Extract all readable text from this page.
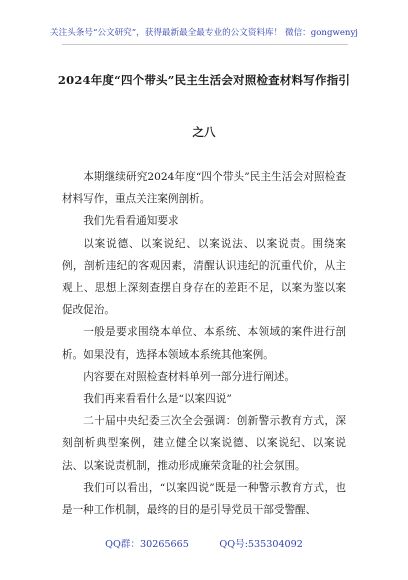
关注头条号“公文研究”，获得最新最全最专业的公文资料库！ 微信：gongwenyj
2024年度“四个带头”民主生活会对照检查材料写作指引
之八

本期继续研究2024年度“四个带头”民主生活会对照检查材料写作，重点关注案例剖析。

我们先看看通知要求

以案说德、以案说纪、以案说法、以案说责。围绕案例，剖析违纪的客观因素，清醒认识违纪的沉重代价，从主观上、思想上深刻查摆自身存在的差距不足，以案为鉴以案促改促治。

一般是要求围绕本单位、本系统、本领域的案件进行剖析。如果没有，选择本领域本系统其他案例。

内容要在对照检查材料单列一部分进行阐述。

我们再来看看什么是“以案四说”

二十届中央纪委三次全会强调：创新警示教育方式，深刻剖析典型案例，建立健全以案说德、以案说纪、以案说法、以案说责机制，推动形成廉荣贪耻的社会氛围。

我们可以看出，“以案四说”既是一种警示教育方式，也是一种工作机制，最终的目的是引导党员干部受警醒、

QQ群：30265665          QQ号:535304092
